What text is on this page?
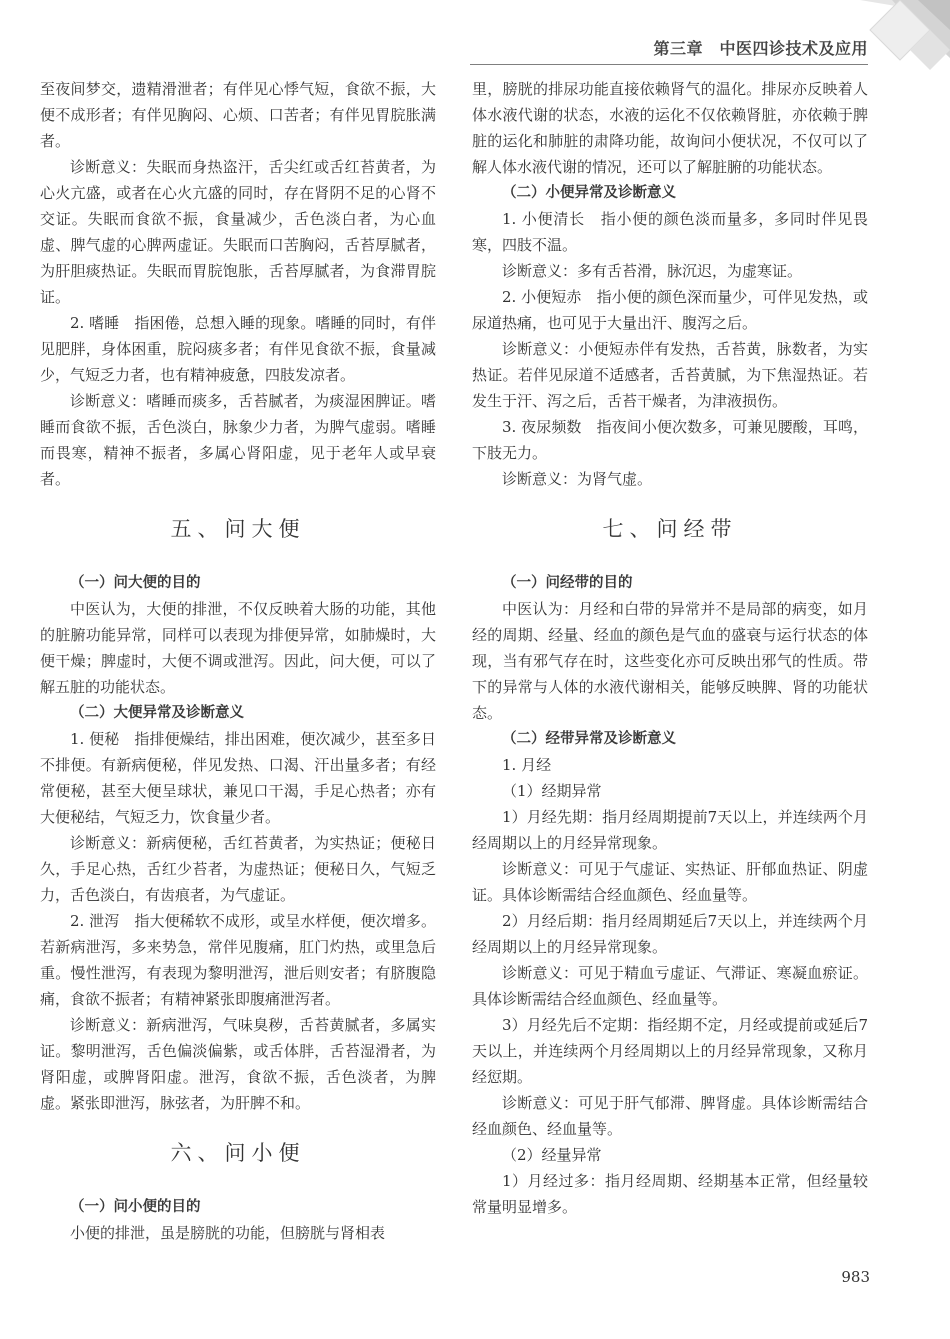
第三章　中医四诊技术及应用

至夜间梦交，遗精滑泄者；有伴见心悸气短，食欲不振，大便不成形者；有伴见胸闷、心烦、口苦者；有伴见胃脘胀满者。

诊断意义：失眠而身热盗汗，舌尖红或舌红苔黄者，为心火亢盛，或者在心火亢盛的同时，存在肾阴不足的心肾不交证。失眠而食欲不振，食量减少，舌色淡白者，为心血虚、脾气虚的心脾两虚证。失眠而口苦胸闷，舌苔厚腻者，为肝胆痰热证。失眠而胃脘饱胀，舌苔厚腻者，为食滞胃脘证。

2. 嗜睡　指困倦，总想入睡的现象。嗜睡的同时，有伴见肥胖，身体困重，脘闷痰多者；有伴见食欲不振，食量减少，气短乏力者，也有精神疲惫，四肢发凉者。

诊断意义：嗜睡而痰多，舌苔腻者，为痰湿困脾证。嗜睡而食欲不振，舌色淡白，脉象少力者，为脾气虚弱。嗜睡而畏寒，精神不振者，多属心肾阳虚，见于老年人或早衰者。

五、问大便
（一）问大便的目的

中医认为，大便的排泄，不仅反映着大肠的功能，其他的脏腑功能异常，同样可以表现为排便异常，如肺燥时，大便干燥；脾虚时，大便不调或泄泻。因此，问大便，可以了解五脏的功能状态。

（二）大便异常及诊断意义

1. 便秘　指排便燥结，排出困难，便次减少，甚至多日不排便。有新病便秘，伴见发热、口渴、汗出量多者；有经常便秘，甚至大便呈球状，兼见口干渴，手足心热者；亦有大便秘结，气短乏力，饮食量少者。

诊断意义：新病便秘，舌红苔黄者，为实热证；便秘日久，手足心热，舌红少苔者，为虚热证；便秘日久，气短乏力，舌色淡白，有齿痕者，为气虚证。

2. 泄泻　指大便稀软不成形，或呈水样便，便次增多。若新病泄泻，多来势急，常伴见腹痛，肛门灼热，或里急后重。慢性泄泻，有表现为黎明泄泻，泄后则安者；有脐腹隐痛，食欲不振者；有精神紧张即腹痛泄泻者。

诊断意义：新病泄泻，气味臭秽，舌苔黄腻者，多属实证。黎明泄泻，舌色偏淡偏紫，或舌体胖，舌苔湿滑者，为肾阳虚，或脾肾阳虚。泄泻，食欲不振，舌色淡者，为脾虚。紧张即泄泻，脉弦者，为肝脾不和。

六、问小便
（一）问小便的目的

小便的排泄，虽是膀胱的功能，但膀胱与肾相表

里，膀胱的排尿功能直接依赖肾气的温化。排尿亦反映着人体水液代谢的状态，水液的运化不仅依赖肾脏，亦依赖于脾脏的运化和肺脏的肃降功能，故询问小便状况，不仅可以了解人体水液代谢的情况，还可以了解脏腑的功能状态。

（二）小便异常及诊断意义

1. 小便清长　指小便的颜色淡而量多，多同时伴见畏寒，四肢不温。

诊断意义：多有舌苔滑，脉沉迟，为虚寒证。

2. 小便短赤　指小便的颜色深而量少，可伴见发热，或尿道热痛，也可见于大量出汗、腹泻之后。

诊断意义：小便短赤伴有发热，舌苔黄，脉数者，为实热证。若伴见尿道不适感者，舌苔黄腻，为下焦湿热证。若发生于汗、泻之后，舌苔干燥者，为津液损伤。

3. 夜尿频数　指夜间小便次数多，可兼见腰酸，耳鸣，下肢无力。

诊断意义：为肾气虚。

七、问经带
（一）问经带的目的

中医认为：月经和白带的异常并不是局部的病变，如月经的周期、经量、经血的颜色是气血的盛衰与运行状态的体现，当有邪气存在时，这些变化亦可反映出邪气的性质。带下的异常与人体的水液代谢相关，能够反映脾、肾的功能状态。

（二）经带异常及诊断意义

1. 月经

（1）经期异常

1）月经先期：指月经周期提前7天以上，并连续两个月经周期以上的月经异常现象。

诊断意义：可见于气虚证、实热证、肝郁血热证、阴虚证。具体诊断需结合经血颜色、经血量等。

2）月经后期：指月经周期延后7天以上，并连续两个月经周期以上的月经异常现象。

诊断意义：可见于精血亏虚证、气滞证、寒凝血瘀证。具体诊断需结合经血颜色、经血量等。

3）月经先后不定期：指经期不定，月经或提前或延后7天以上，并连续两个月经周期以上的月经异常现象，又称月经愆期。

诊断意义：可见于肝气郁滞、脾肾虚。具体诊断需结合经血颜色、经血量等。

（2）经量异常

1）月经过多：指月经周期、经期基本正常，但经量较常量明显增多。

983
